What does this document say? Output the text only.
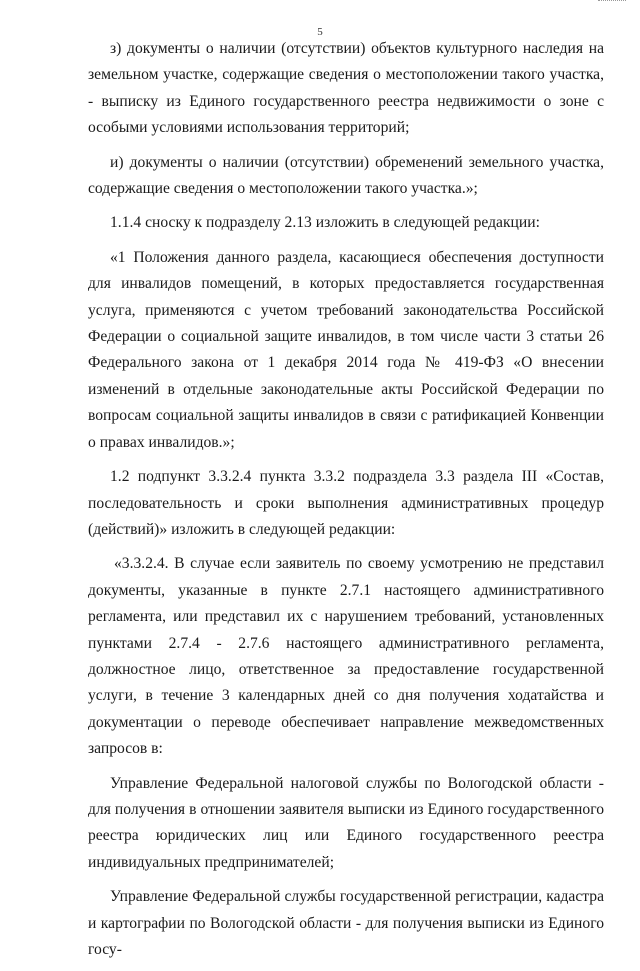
5

з) документы о наличии (отсутствии) объектов культурного наследия на земельном участке, содержащие сведения о местоположении такого участка, - выписку из Единого государственного реестра недвижимости о зоне с особыми условиями использования территорий;

и) документы о наличии (отсутствии) обременений земельного участка, содержащие сведения о местоположении такого участка.»;

1.1.4 сноску к подразделу 2.13 изложить в следующей редакции:

«1 Положения данного раздела, касающиеся обеспечения доступности для инвалидов помещений, в которых предоставляется государственная услуга, применяются с учетом требований законодательства Российской Федерации о социальной защите инвалидов, в том числе части 3 статьи 26 Федерального закона от 1 декабря 2014 года № 419-ФЗ «О внесении изменений в отдельные законодательные акты Российской Федерации по вопросам социальной защиты инвалидов в связи с ратификацией Конвенции о правах инвалидов.»;

1.2 подпункт 3.3.2.4 пункта 3.3.2 подраздела 3.3 раздела III «Состав, последовательность и сроки выполнения административных процедур (действий)» изложить в следующей редакции:

«3.3.2.4. В случае если заявитель по своему усмотрению не представил документы, указанные в пункте 2.7.1 настоящего административного регламента, или представил их с нарушением требований, установленных пунктами 2.7.4 - 2.7.6 настоящего административного регламента, должностное лицо, ответственное за предоставление государственной услуги, в течение 3 календарных дней со дня получения ходатайства и документации о переводе обеспечивает направление межведомственных запросов в:

Управление Федеральной налоговой службы по Вологодской области - для получения в отношении заявителя выписки из Единого государственного реестра юридических лиц или Единого государственного реестра индивидуальных предпринимателей;

Управление Федеральной службы государственной регистрации, кадастра и картографии по Вологодской области - для получения выписки из Единого госу-
